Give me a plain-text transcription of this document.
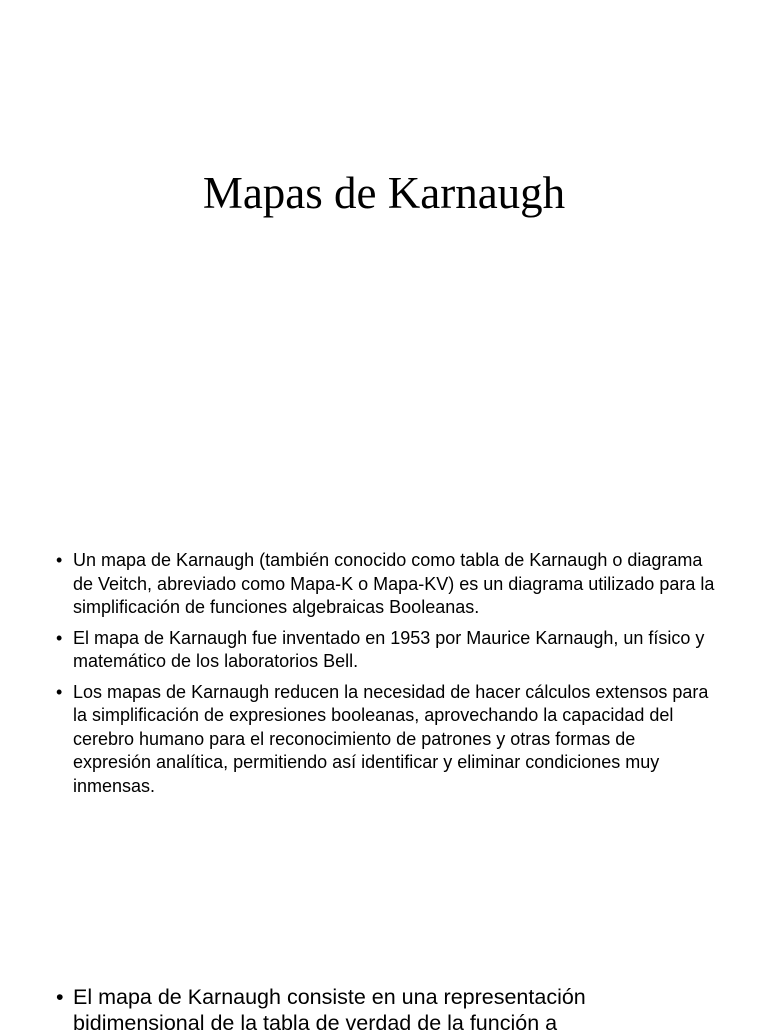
Mapas de Karnaugh
• Un mapa de Karnaugh (también conocido como tabla de Karnaugh o diagrama de Veitch, abreviado como Mapa-K o Mapa-KV) es un diagrama utilizado para la simplificación de funciones algebraicas Booleanas.
• El mapa de Karnaugh fue inventado en 1953 por Maurice Karnaugh, un físico y matemático de los laboratorios Bell.
• Los mapas de Karnaugh reducen la necesidad de hacer cálculos extensos para la simplificación de expresiones booleanas, aprovechando la capacidad del cerebro humano para el reconocimiento de patrones y otras formas de expresión analítica, permitiendo así identificar y eliminar condiciones muy inmensas.
• El mapa de Karnaugh consiste en una representación bidimensional de la tabla de verdad de la función a
